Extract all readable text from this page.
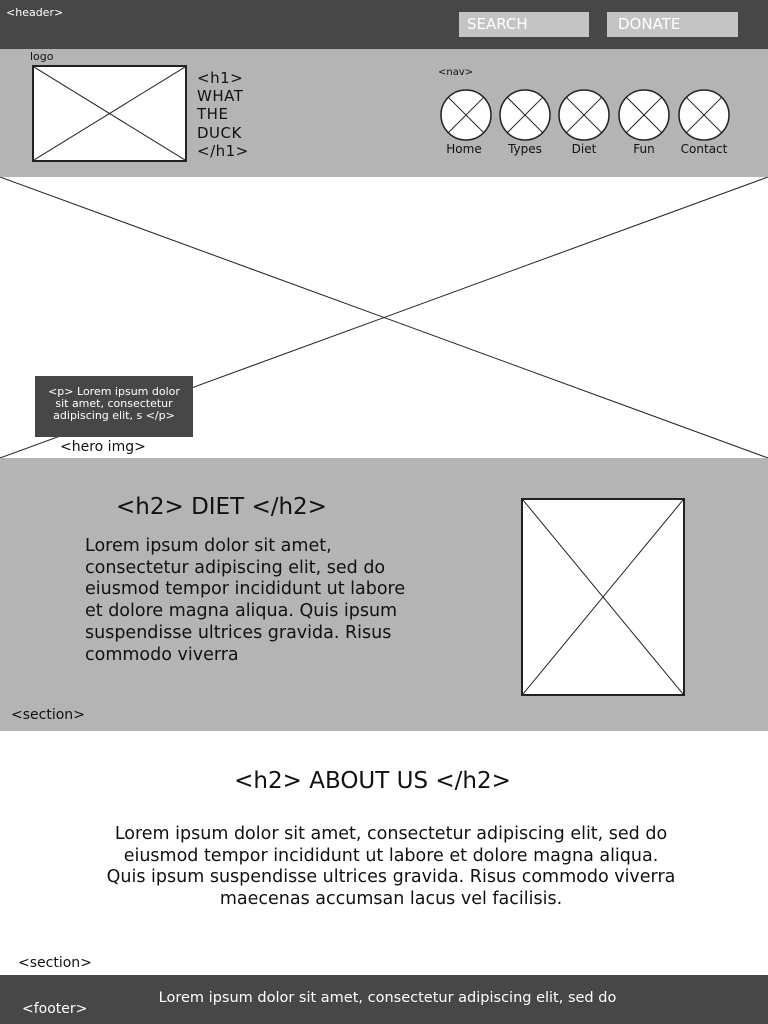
<header>
SEARCH	DONATE
logo
<h1>
WHAT
THE
DUCK
</h1>
<nav>
Home	Types	Diet	Fun	Contact
<p> Lorem ipsum dolor sit amet, consectetur adipiscing elit, s </p>
<hero img>
<h2> DIET </h2>
Lorem ipsum dolor sit amet, consectetur adipiscing elit, sed do eiusmod tempor incididunt ut labore et dolore magna aliqua. Quis ipsum suspendisse ultrices gravida. Risus commodo viverra
<section>
<h2> ABOUT US </h2>
Lorem ipsum dolor sit amet, consectetur adipiscing elit, sed do eiusmod tempor incididunt ut labore et dolore magna aliqua. Quis ipsum suspendisse ultrices gravida. Risus commodo viverra maecenas accumsan lacus vel facilisis.
<section>
Lorem ipsum dolor sit amet, consectetur adipiscing elit, sed do
<footer>
